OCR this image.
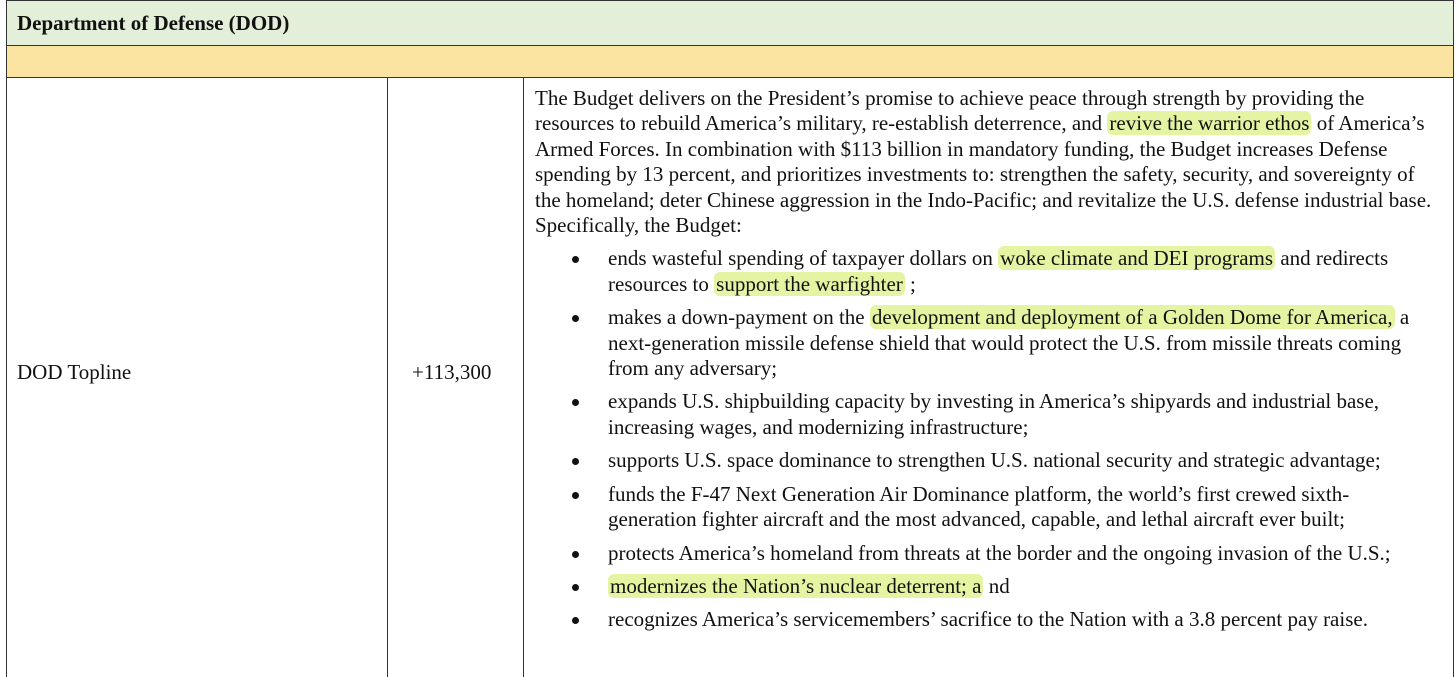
Department of Defense (DOD)
DOD Topline	+113,300

The Budget delivers on the President’s promise to achieve peace through strength by providing the resources to rebuild America’s military, re-establish deterrence, and revive the warrior ethos of America’s Armed Forces. In combination with $113 billion in mandatory funding, the Budget increases Defense spending by 13 percent, and prioritizes investments to: strengthen the safety, security, and sovereignty of the homeland; deter Chinese aggression in the Indo-Pacific; and revitalize the U.S. defense industrial base. Specifically, the Budget:

ends wasteful spending of taxpayer dollars on woke climate and DEI programs and redirects resources to support the warfighter ;
makes a down-payment on the development and deployment of a Golden Dome for America, a next-generation missile defense shield that would protect the U.S. from missile threats coming from any adversary;
expands U.S. shipbuilding capacity by investing in America’s shipyards and industrial base, increasing wages, and modernizing infrastructure;
supports U.S. space dominance to strengthen U.S. national security and strategic advantage;
funds the F-47 Next Generation Air Dominance platform, the world’s first crewed sixth-generation fighter aircraft and the most advanced, capable, and lethal aircraft ever built;
protects America’s homeland from threats at the border and the ongoing invasion of the U.S.;
modernizes the Nation’s nuclear deterrent; a nd
recognizes America’s servicemembers’ sacrifice to the Nation with a 3.8 percent pay raise.
